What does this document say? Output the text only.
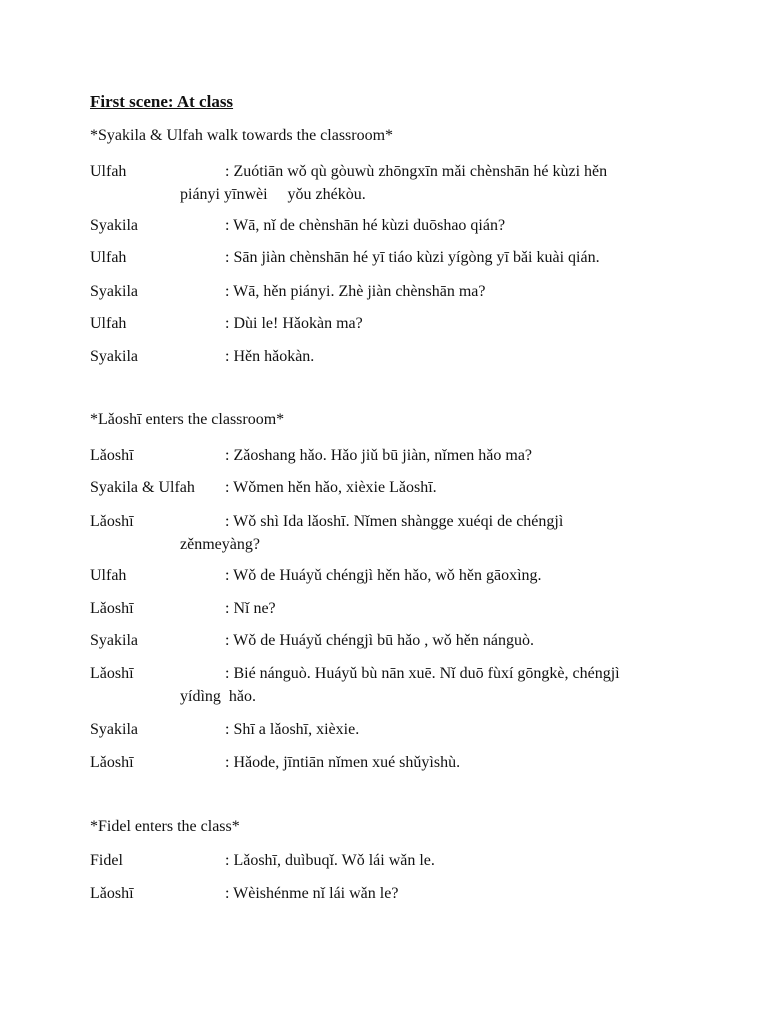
First scene: At class
*Syakila & Ulfah walk towards the classroom*
Ulfah	: Zuótiān wǒ qù gòuwù zhōngxīn mǎi chènshān hé kùzi hěn
piányi yīnwèi     yǒu zhékòu.
Syakila	: Wā, nǐ de chènshān hé kùzi duōshao qián?
Ulfah	: Sān jiàn chènshān hé yī tiáo kùzi yígòng yī bǎi kuài qián.
Syakila	: Wā, hěn piányi. Zhè jiàn chènshān ma?
Ulfah	: Dùi le! Hǎokàn ma?
Syakila	: Hěn hǎokàn.
*Lǎoshī enters the classroom*
Lǎoshī	: Zǎoshang hǎo. Hǎo jiǔ bū jiàn, nǐmen hǎo ma?
Syakila & Ulfah : Wǒmen hěn hǎo, xièxie Lǎoshī.
Lǎoshī	: Wǒ shì Ida lǎoshī. Nǐmen shàngge xuéqi de chéngjì
zěnmeyàng?
Ulfah	: Wǒ de Huáyǔ chéngjì hěn hǎo, wǒ hěn gāoxìng.
Lǎoshī	: Nǐ ne?
Syakila	: Wǒ de Huáyǔ chéngjì bū hǎo , wǒ hěn nánguò.
Lǎoshī	: Bié nánguò. Huáyǔ bù nān xuē. Nǐ duō fùxí gōngkè, chéngjì
yídìng  hǎo.
Syakila	: Shī a lǎoshī, xièxie.
Lǎoshī	: Hǎode, jīntiān nǐmen xué shǔyìshù.
*Fidel enters the class*
Fidel	: Lǎoshī, duìbuqǐ. Wǒ lái wǎn le.
Lǎoshī	: Wèishénme nǐ lái wǎn le?
